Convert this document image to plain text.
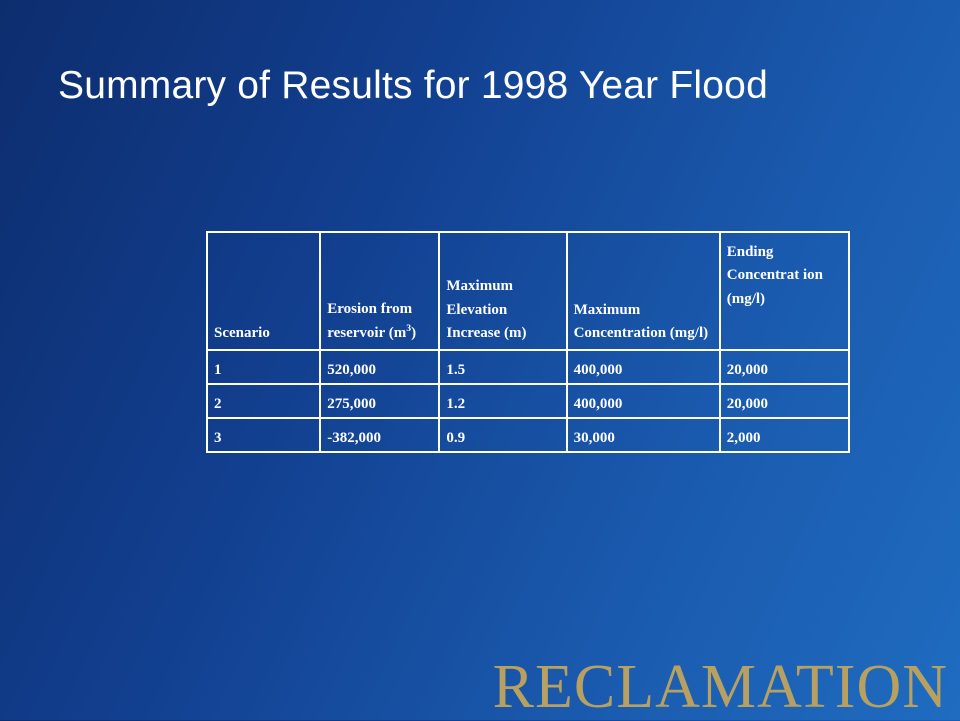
Summary of Results for 1998 Year Flood
Scenario	Erosion from reservoir $(m^3)$	Maximum Elevation Increase (m)	Maximum Concentration (mg/l)	Ending Concentrat ion (mg/l)
1	520,000	1.5	400,000	20,000
2	275,000	1.2	400,000	20,000
3	-382,000	0.9	30,000	2,000
RECLAMATION
